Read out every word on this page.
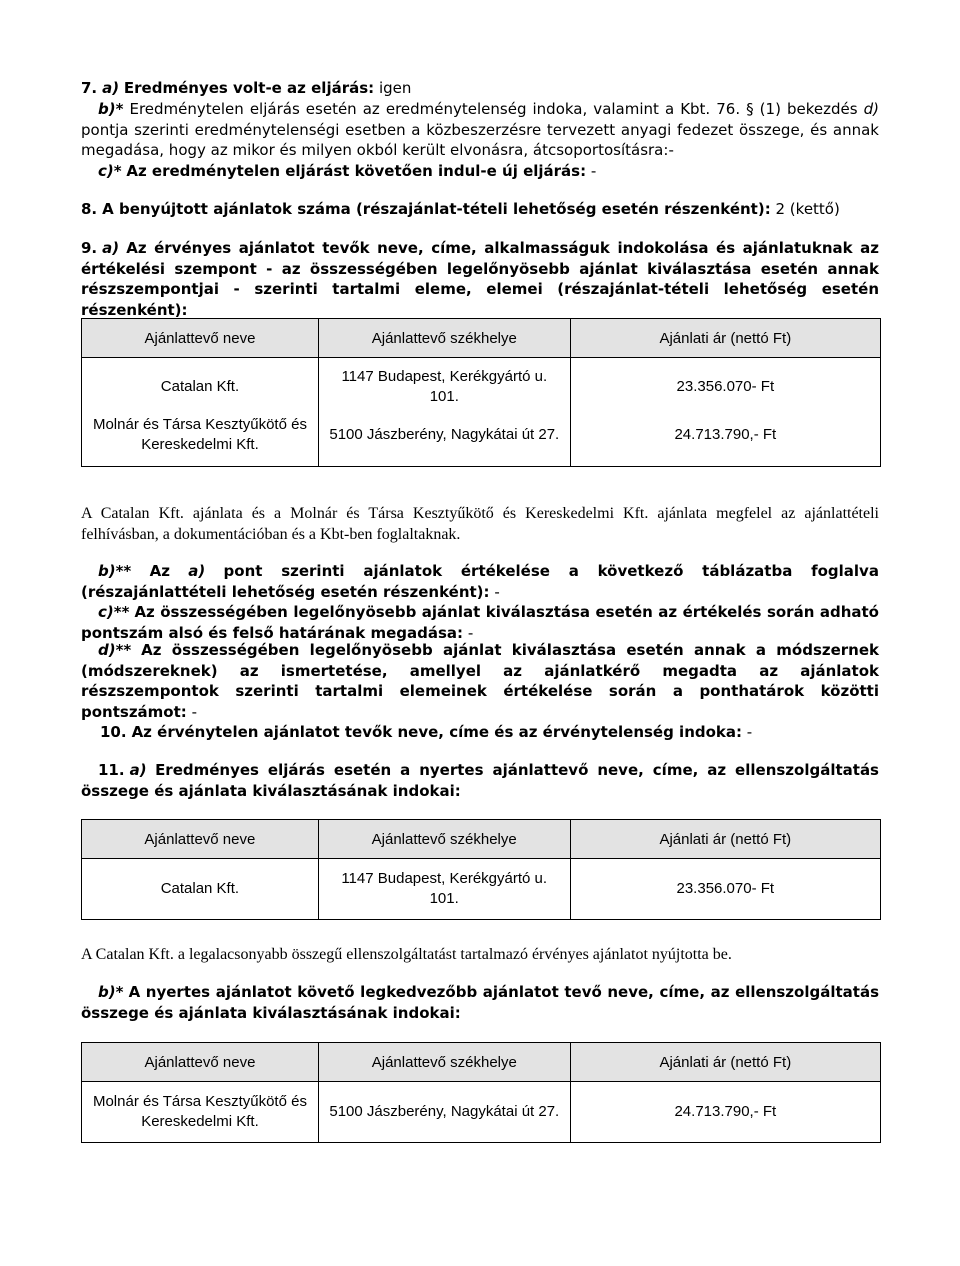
7. a) Eredményes volt-e az eljárás: igen
b)* Eredménytelen eljárás esetén az eredménytelenség indoka, valamint a Kbt. 76. § (1) bekezdés d) pontja szerinti eredménytelenségi esetben a közbeszerzésre tervezett anyagi fedezet összege, és annak megadása, hogy az mikor és milyen okból került elvonásra, átcsoportosításra:-
c)* Az eredménytelen eljárást követően indul-e új eljárás: -
8. A benyújtott ajánlatok száma (részajánlat-tételi lehetőség esetén részenként): 2 (kettő)
9. a) Az érvényes ajánlatot tevők neve, címe, alkalmasságuk indokolása és ajánlatuknak az értékelési szempont - az összességében legelőnyösebb ajánlat kiválasztása esetén annak részszempontjai - szerinti tartalmi eleme, elemei (részajánlat-tételi lehetőség esetén részenként):
Ajánlattevő neve	Ajánlattevő székhelye	Ajánlati ár (nettó Ft)
Catalan Kft.	1147 Budapest, Kerékgyártó u. 101.	23.356.070- Ft
Molnár és Társa Kesztyűkötő és Kereskedelmi Kft.	5100 Jászberény, Nagykátai út 27.	24.713.790,- Ft
A Catalan Kft. ajánlata és a Molnár és Társa Kesztyűkötő és Kereskedelmi Kft. ajánlata megfelel az ajánlattételi felhívásban, a dokumentációban és a Kbt-ben foglaltaknak.
b)** Az a) pont szerinti ajánlatok értékelése a következő táblázatba foglalva (részajánlattételi lehetőség esetén részenként): -
c)** Az összességében legelőnyösebb ajánlat kiválasztása esetén az értékelés során adható pontszám alsó és felső határának megadása: -
d)** Az összességében legelőnyösebb ajánlat kiválasztása esetén annak a módszernek (módszereknek) az ismertetése, amellyel az ajánlatkérő megadta az ajánlatok részszempontok szerinti tartalmi elemeinek értékelése során a ponthatárok közötti pontszámot: -
10. Az érvénytelen ajánlatot tevők neve, címe és az érvénytelenség indoka: -
11. a) Eredményes eljárás esetén a nyertes ajánlattevő neve, címe, az ellenszolgáltatás összege és ajánlata kiválasztásának indokai:
Ajánlattevő neve	Ajánlattevő székhelye	Ajánlati ár (nettó Ft)
Catalan Kft.	1147 Budapest, Kerékgyártó u. 101.	23.356.070- Ft
A Catalan Kft. a legalacsonyabb összegű ellenszolgáltatást tartalmazó érvényes ajánlatot nyújtotta be.
b)* A nyertes ajánlatot követő legkedvezőbb ajánlatot tevő neve, címe, az ellenszolgáltatás összege és ajánlata kiválasztásának indokai:
Ajánlattevő neve	Ajánlattevő székhelye	Ajánlati ár (nettó Ft)
Molnár és Társa Kesztyűkötő és Kereskedelmi Kft.	5100 Jászberény, Nagykátai út 27.	24.713.790,- Ft
